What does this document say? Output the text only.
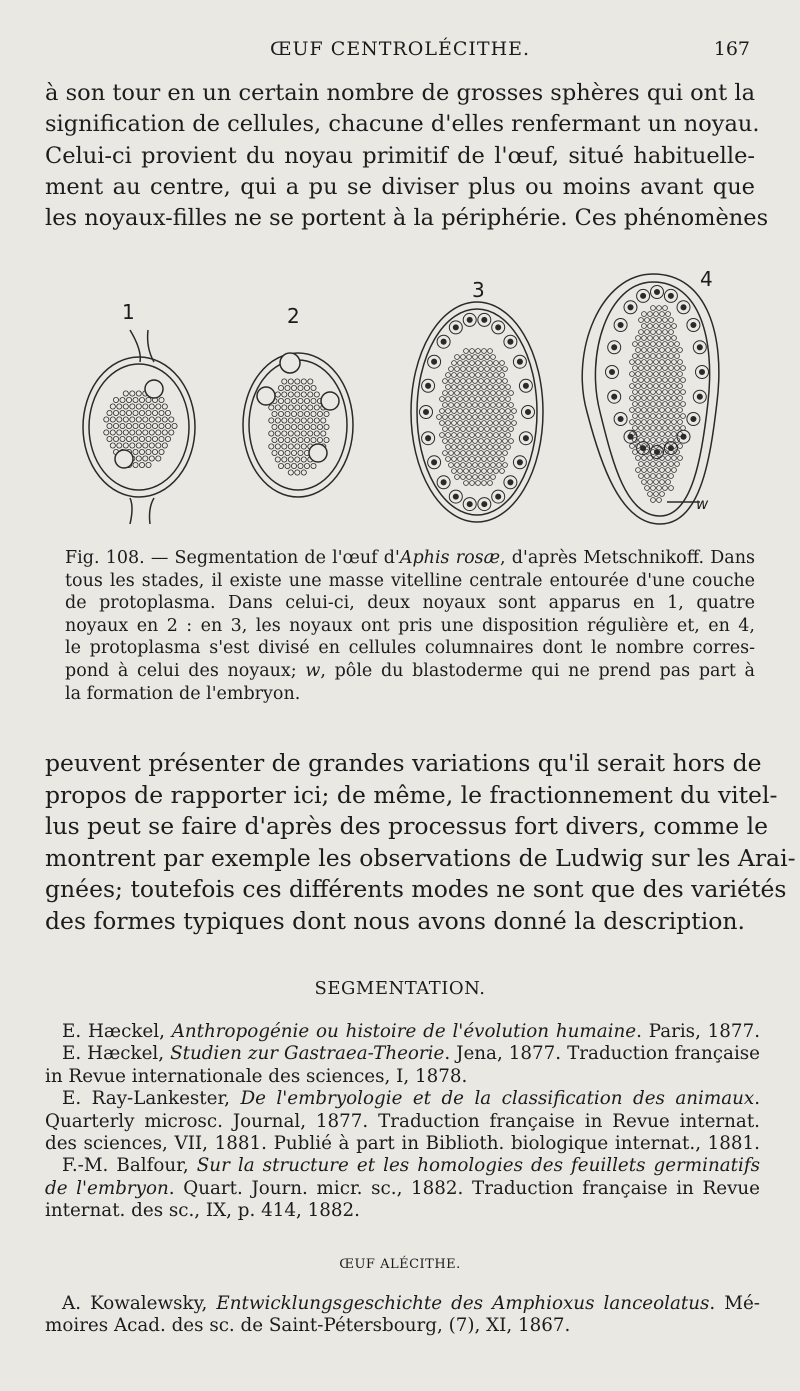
ŒUF CENTROLÉCITHE.	167
à son tour en un certain nombre de grosses sphères qui ont la
signification de cellules, chacune d'elles renfermant un noyau.
Celui-ci provient du noyau primitif de l'œuf, situé habituelle-
ment au centre, qui a pu se diviser plus ou moins avant que
les noyaux-filles ne se portent à la périphérie. Ces phénomènes
1	2
3	4
w
Fig. 108. — Segmentation de l'œuf d'Aphis rosæ, d'après Metschnikoff. Dans
tous les stades, il existe une masse vitelline centrale entourée d'une couche
de protoplasma. Dans celui-ci, deux noyaux sont apparus en 1, quatre
noyaux en 2 : en 3, les noyaux ont pris une disposition régulière et, en 4,
le protoplasma s'est divisé en cellules columnaires dont le nombre corres-
pond à celui des noyaux; w, pôle du blastoderme qui ne prend pas part à
la formation de l'embryon.
peuvent présenter de grandes variations qu'il serait hors de
propos de rapporter ici; de même, le fractionnement du vitel-
lus peut se faire d'après des processus fort divers, comme le
montrent par exemple les observations de Ludwig sur les Arai-
gnées; toutefois ces différents modes ne sont que des variétés
des formes typiques dont nous avons donné la description.
SEGMENTATION.
E. Hæckel, Anthropogénie ou histoire de l'évolution humaine. Paris, 1877.
E. Hæckel, Studien zur Gastraea-Theorie. Jena, 1877. Traduction française
in Revue internationale des sciences, I, 1878.
E. Ray-Lankester, De l'embryologie et de la classification des animaux.
Quarterly microsc. Journal, 1877. Traduction française in Revue internat.
des sciences, VII, 1881. Publié à part in Biblioth. biologique internat., 1881.
F.-M. Balfour, Sur la structure et les homologies des feuillets germinatifs
de l'embryon. Quart. Journ. micr. sc., 1882. Traduction française in Revue
internat. des sc., IX, p. 414, 1882.
ŒUF ALÉCITHE.
A. Kowalewsky, Entwicklungsgeschichte des Amphioxus lanceolatus. Mé-
moires Acad. des sc. de Saint-Pétersbourg, (7), XI, 1867.
